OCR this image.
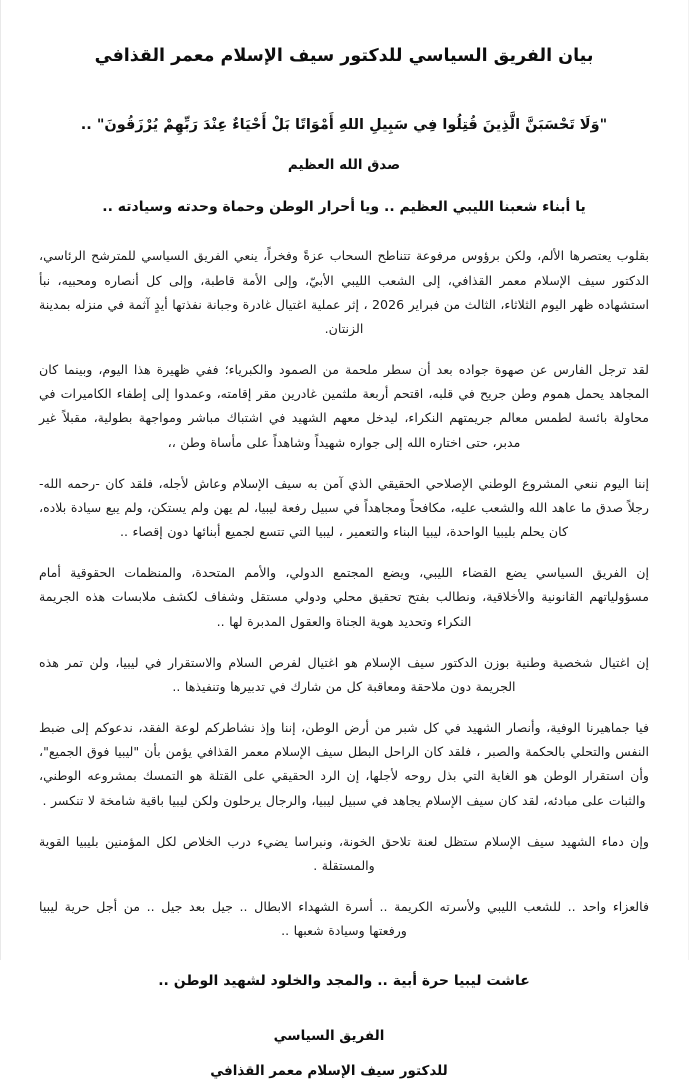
بيان الفريق السياسي للدكتور سيف الإسلام معمر القذافي
"وَلَا تَحْسَبَنَّ الَّذِينَ قُتِلُوا فِي سَبِيلِ اللهِ أَمْوَاتًا بَلْ أَحْيَاءٌ عِنْدَ رَبِّهِمْ يُرْزَقُونَ" ..
صدق الله العظيم
يا أبناء شعبنا الليبي العظيم .. ويا أحرار الوطن وحماة وحدته وسيادته ..

بقلوب يعتصرها الألم، ولكن برؤوس مرفوعة تتناطح السحاب عزةً وفخراً، ينعي الفريق السياسي للمترشح الرئاسي، الدكتور سيف الإسلام معمر القذافي، إلى الشعب الليبي الأبيّ، وإلى الأمة قاطبة، وإلى كل أنصاره ومحبيه، نبأ استشهاده ظهر اليوم الثلاثاء، الثالث من فبراير 2026 ، إثر عملية اغتيال غادرة وجبانة نفذتها أيدٍ آثمة في منزله بمدينة الزنتان.

لقد ترجل الفارس عن صهوة جواده بعد أن سطر ملحمة من الصمود والكبرياء؛ ففي ظهيرة هذا اليوم، وبينما كان المجاهد يحمل هموم وطن جريح في قلبه، اقتحم أربعة ملثمين غادرين مقر إقامته، وعمدوا إلى إطفاء الكاميرات في محاولة بائسة لطمس معالم جريمتهم النكراء، ليدخل معهم الشهيد في اشتباك مباشر ومواجهة بطولية، مقبلاً غير مدبر، حتى اختاره الله إلى جواره شهيداً وشاهداً على مأساة وطن ،،

إننا اليوم ننعي المشروع الوطني الإصلاحي الحقيقي الذي آمن به سيف الإسلام وعاش لأجله، فلقد كان -رحمه الله- رجلاً صدق ما عاهد الله والشعب عليه، مكافحاً ومجاهداً في سبيل رفعة ليبيا، لم يهن ولم يستكن، ولم يبع سيادة بلاده، كان يحلم بليبيا الواحدة، ليبيا البناء والتعمير ، ليبيا التي تتسع لجميع أبنائها دون إقصاء ..

إن الفريق السياسي يضع القضاء الليبي، ويضع المجتمع الدولي، والأمم المتحدة، والمنظمات الحقوقية أمام مسؤولياتهم القانونية والأخلاقية، ونطالب بفتح تحقيق محلي ودولي مستقل وشفاف لكشف ملابسات هذه الجريمة النكراء وتحديد هوية الجناة والعقول المدبرة لها ..

إن اغتيال شخصية وطنية بوزن الدكتور سيف الإسلام هو اغتيال لفرص السلام والاستقرار في ليبيا، ولن تمر هذه الجريمة دون ملاحقة ومعاقبة كل من شارك في تدبيرها وتنفيذها ..

فيا جماهيرنا الوفية، وأنصار الشهيد في كل شبر من أرض الوطن، إننا وإذ نشاطركم لوعة الفقد، ندعوكم إلى ضبط النفس والتحلي بالحكمة والصبر ، فلقد كان الراحل البطل سيف الإسلام معمر القذافي يؤمن بأن "ليبيا فوق الجميع"، وأن استقرار الوطن هو الغاية التي بذل روحه لأجلها، إن الرد الحقيقي على القتلة هو التمسك بمشروعه الوطني، والثبات على مبادئه، لقد كان سيف الإسلام يجاهد في سبيل ليبيا، والرجال يرحلون ولكن ليبيا باقية شامخة لا تنكسر .

وإن دماء الشهيد سيف الإسلام ستظل لعنة تلاحق الخونة، ونبراسا يضيء درب الخلاص لكل المؤمنين بليبيا القوية والمستقلة .

فالعزاء واحد .. للشعب الليبي ولأسرته الكريمة .. أسرة الشهداء الابطال .. جيل بعد جيل .. من أجل حرية ليبيا ورفعتها وسيادة شعبها ..

عاشت ليبيا حرة أبية .. والمجد والخلود لشهيد الوطن ..
الفريق السياسي
للدكتور سيف الإسلام معمر القذافي
